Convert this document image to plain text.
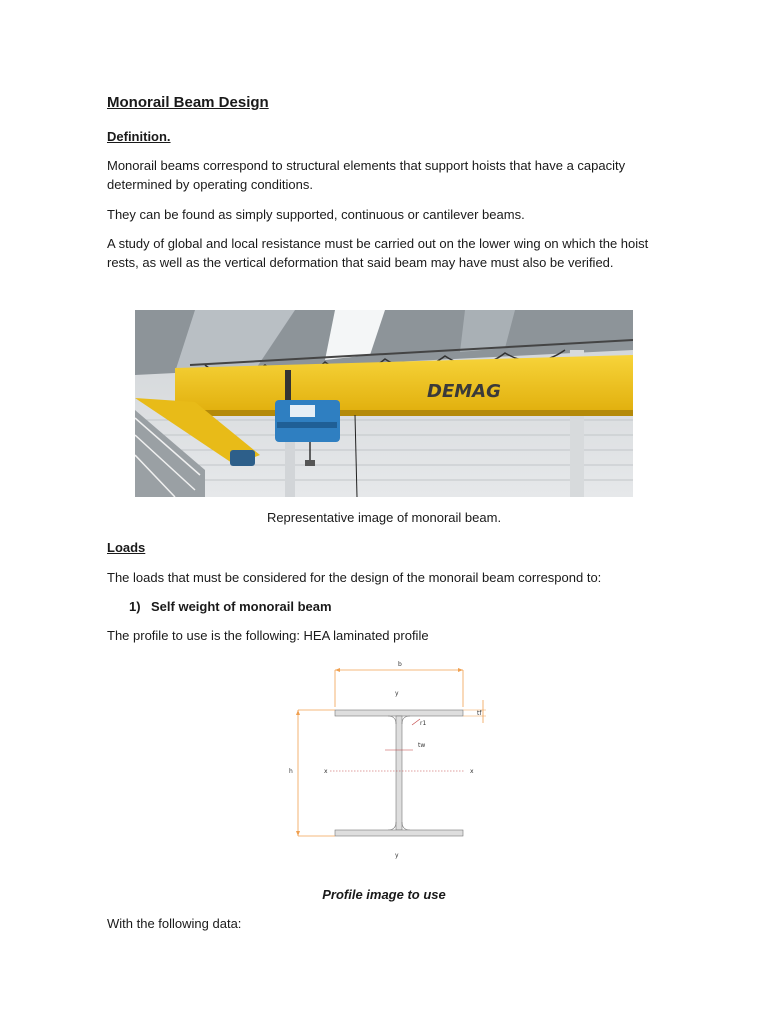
Monorail Beam Design
Definition.
Monorail beams correspond to structural elements that support hoists that have a capacity
determined by operating conditions.
They can be found as simply supported, continuous or cantilever beams.
A study of global and local resistance must be carried out on the lower wing on which the hoist
rests, as well as the vertical deformation that said beam may have must also be verified.
DEMAG
Representative image of monorail beam.
Loads
The loads that must be considered for the design of the monorail beam correspond to:
1) Self weight of monorail beam
The profile to use is the following: HEA laminated profile
b
y
y
x	x
h
tf
r1
tw
Profile image to use
With the following data:
